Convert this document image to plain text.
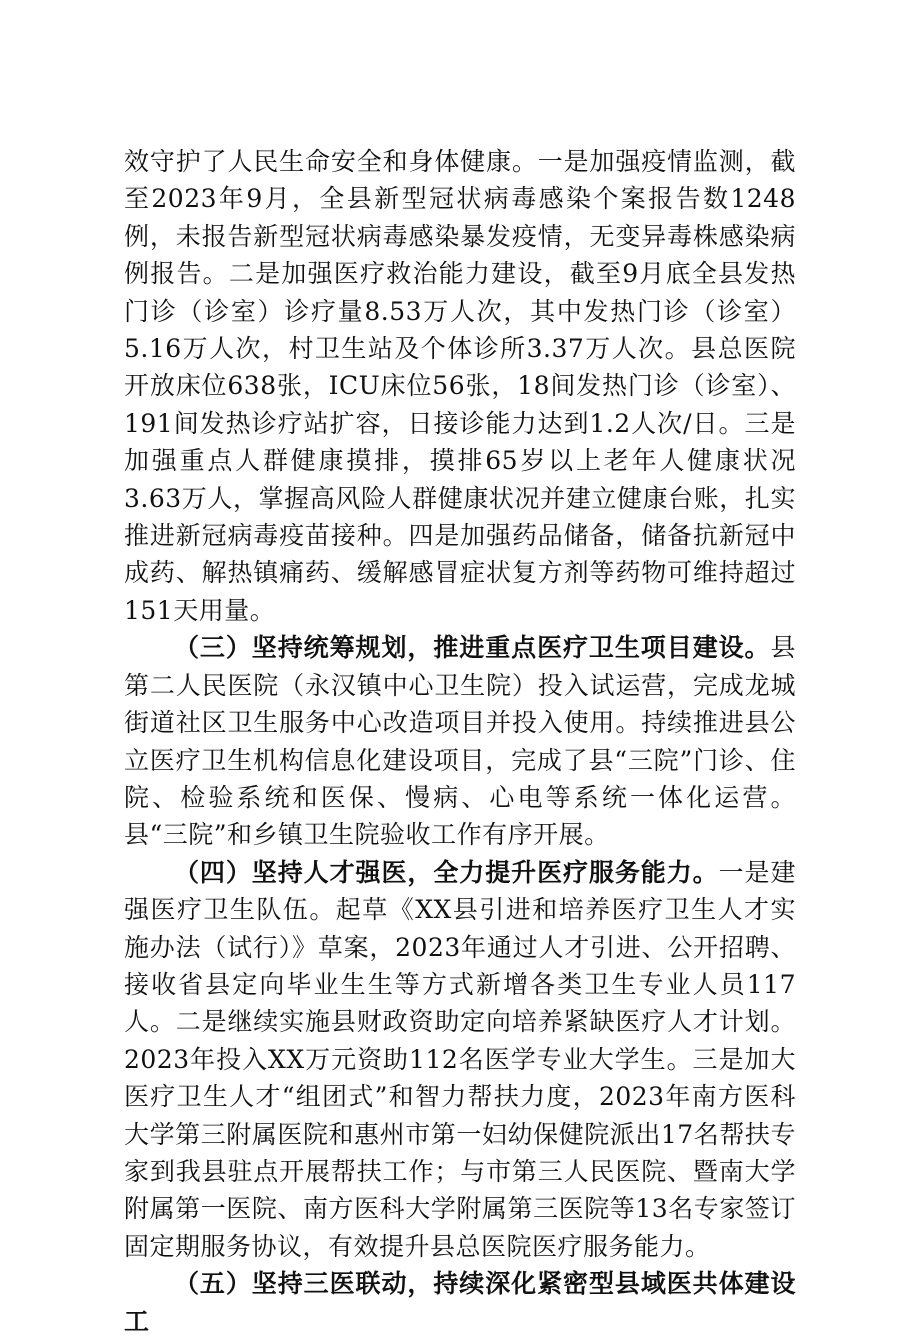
效守护了人民生命安全和身体健康。一是加强疫情监测，截至2023年9月，全县新型冠状病毒感染个案报告数1248例，未报告新型冠状病毒感染暴发疫情，无变异毒株感染病例报告。二是加强医疗救治能力建设，截至9月底全县发热门诊（诊室）诊疗量8.53万人次，其中发热门诊（诊室）5.16万人次，村卫生站及个体诊所3.37万人次。县总医院开放床位638张，ICU床位56张，18间发热门诊（诊室）、191间发热诊疗站扩容，日接诊能力达到1.2人次/日。三是加强重点人群健康摸排，摸排65岁以上老年人健康状况3.63万人，掌握高风险人群健康状况并建立健康台账，扎实推进新冠病毒疫苗接种。四是加强药品储备，储备抗新冠中成药、解热镇痛药、缓解感冒症状复方剂等药物可维持超过151天用量。

（三）坚持统筹规划，推进重点医疗卫生项目建设。县第二人民医院（永汉镇中心卫生院）投入试运营，完成龙城街道社区卫生服务中心改造项目并投入使用。持续推进县公立医疗卫生机构信息化建设项目，完成了县“三院”门诊、住院、检验系统和医保、慢病、心电等系统一体化运营。县“三院”和乡镇卫生院验收工作有序开展。

（四）坚持人才强医，全力提升医疗服务能力。一是建强医疗卫生队伍。起草《XX县引进和培养医疗卫生人才实施办法（试行）》草案，2023年通过人才引进、公开招聘、接收省县定向毕业生生等方式新增各类卫生专业人员117人。二是继续实施县财政资助定向培养紧缺医疗人才计划。2023年投入XX万元资助112名医学专业大学生。三是加大医疗卫生人才“组团式”和智力帮扶力度，2023年南方医科大学第三附属医院和惠州市第一妇幼保健院派出17名帮扶专家到我县驻点开展帮扶工作；与市第三人民医院、暨南大学附属第一医院、南方医科大学附属第三医院等13名专家签订固定期服务协议，有效提升县总医院医疗服务能力。

（五）坚持三医联动，持续深化紧密型县域医共体建设工
